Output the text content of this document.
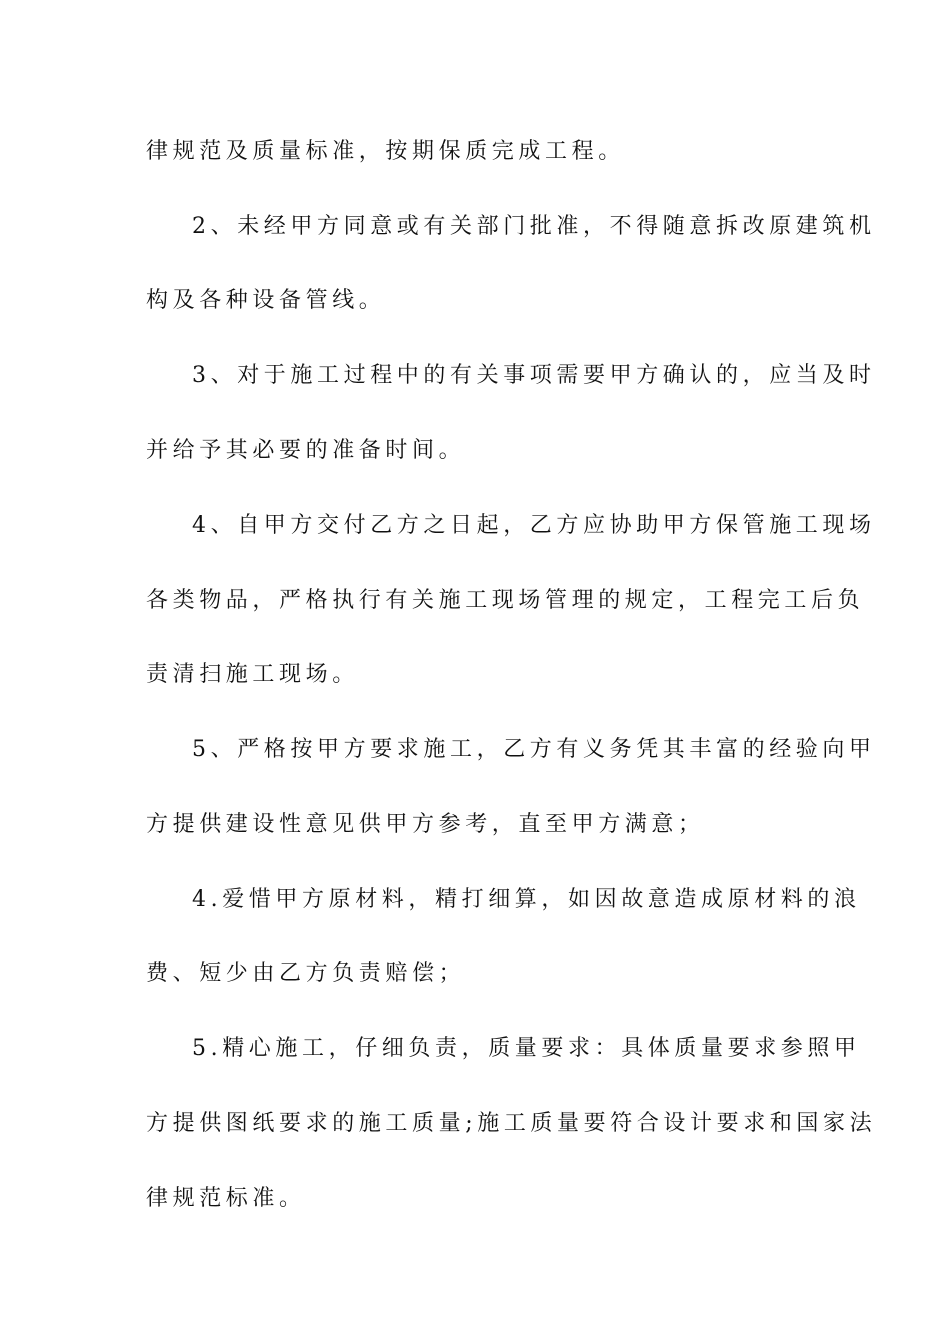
律规范及质量标准，按期保质完成工程。
2、未经甲方同意或有关部门批准，不得随意拆改原建筑机
构及各种设备管线。
3、对于施工过程中的有关事项需要甲方确认的，应当及时
并给予其必要的准备时间。
4、自甲方交付乙方之日起，乙方应协助甲方保管施工现场
各类物品，严格执行有关施工现场管理的规定，工程完工后负
责清扫施工现场。
5、严格按甲方要求施工，乙方有义务凭其丰富的经验向甲
方提供建设性意见供甲方参考，直至甲方满意；
4.爱惜甲方原材料，精打细算，如因故意造成原材料的浪
费、短少由乙方负责赔偿；
5.精心施工，仔细负责，质量要求：具体质量要求参照甲
方提供图纸要求的施工质量;施工质量要符合设计要求和国家法
律规范标准。
